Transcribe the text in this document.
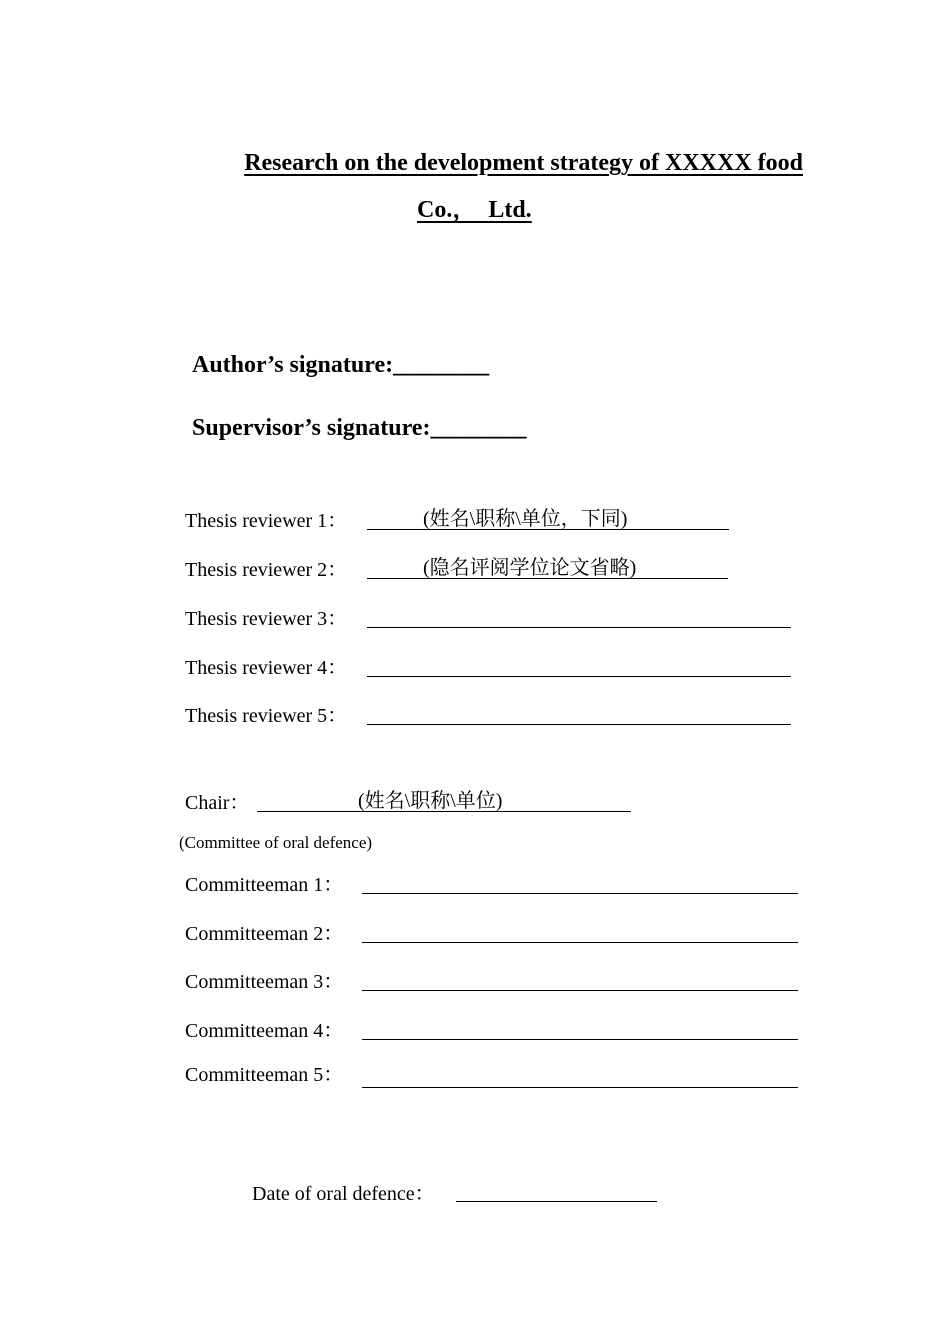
Research on the development strategy of XXXXX food
Co.，  Ltd.
Author’s signature:________
Supervisor’s signature:________
Thesis reviewer 1：	(姓名\职称\单位，下同)
Thesis reviewer 2：	(隐名评阅学位论文省略)
Thesis reviewer 3：
Thesis reviewer 4：
Thesis reviewer 5：
Chair：	(姓名\职称\单位)
(Committee of oral defence)
Committeeman 1：
Committeeman 2：
Committeeman 3：
Committeeman 4：
Committeeman 5：
Date of oral defence：
